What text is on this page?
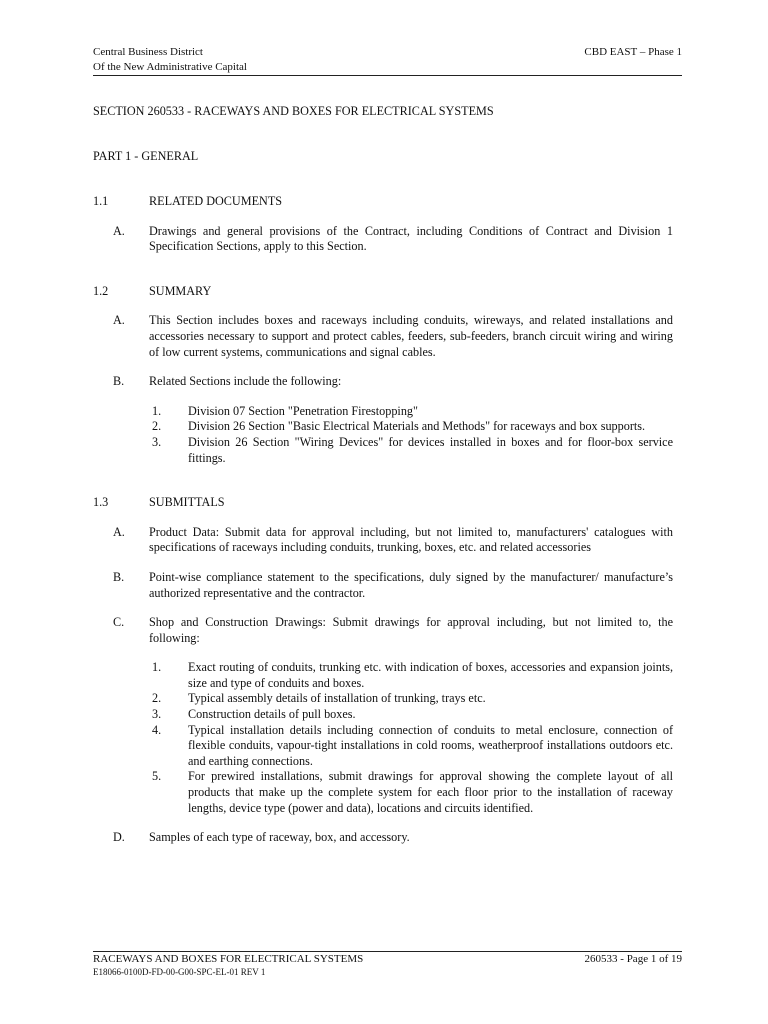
Central Business District
Of the New Administrative Capital
CBD EAST – Phase 1
SECTION 260533 - RACEWAYS AND BOXES FOR ELECTRICAL SYSTEMS
PART 1 - GENERAL
1.1	RELATED DOCUMENTS
A.	Drawings and general provisions of the Contract, including Conditions of Contract and Division 1 Specification Sections, apply to this Section.
1.2	SUMMARY
A.	This Section includes boxes and raceways including conduits, wireways, and related installations and accessories necessary to support and protect cables, feeders, sub-feeders, branch circuit wiring and wiring of low current systems, communications and signal cables.
B.	Related Sections include the following:
1.	Division 07 Section "Penetration Firestopping"
2.	Division 26 Section "Basic Electrical Materials and Methods" for raceways and box supports.
3.	Division 26 Section "Wiring Devices" for devices installed in boxes and for floor-box service fittings.
1.3	SUBMITTALS
A.	Product Data: Submit data for approval including, but not limited to, manufacturers' catalogues with specifications of raceways including conduits, trunking, boxes, etc. and related accessories
B.	Point-wise compliance statement to the specifications, duly signed by the manufacturer/ manufacture’s authorized representative and the contractor.
C.	Shop and Construction Drawings: Submit drawings for approval including, but not limited to, the following:
1.	Exact routing of conduits, trunking etc. with indication of boxes, accessories and expansion joints, size and type of conduits and boxes.
2.	Typical assembly details of installation of trunking, trays etc.
3.	Construction details of pull boxes.
4.	Typical installation details including connection of conduits to metal enclosure, connection of flexible conduits, vapour-tight installations in cold rooms, weatherproof installations outdoors etc. and earthing connections.
5.	For prewired installations, submit drawings for approval showing the complete layout of all products that make up the complete system for each floor prior to the installation of raceway lengths, device type (power and data), locations and circuits identified.
D.	Samples of each type of raceway, box, and accessory.
RACEWAYS AND BOXES FOR ELECTRICAL SYSTEMS
E18066-0100D-FD-00-G00-SPC-EL-01 REV 1
260533 - Page 1 of 19
